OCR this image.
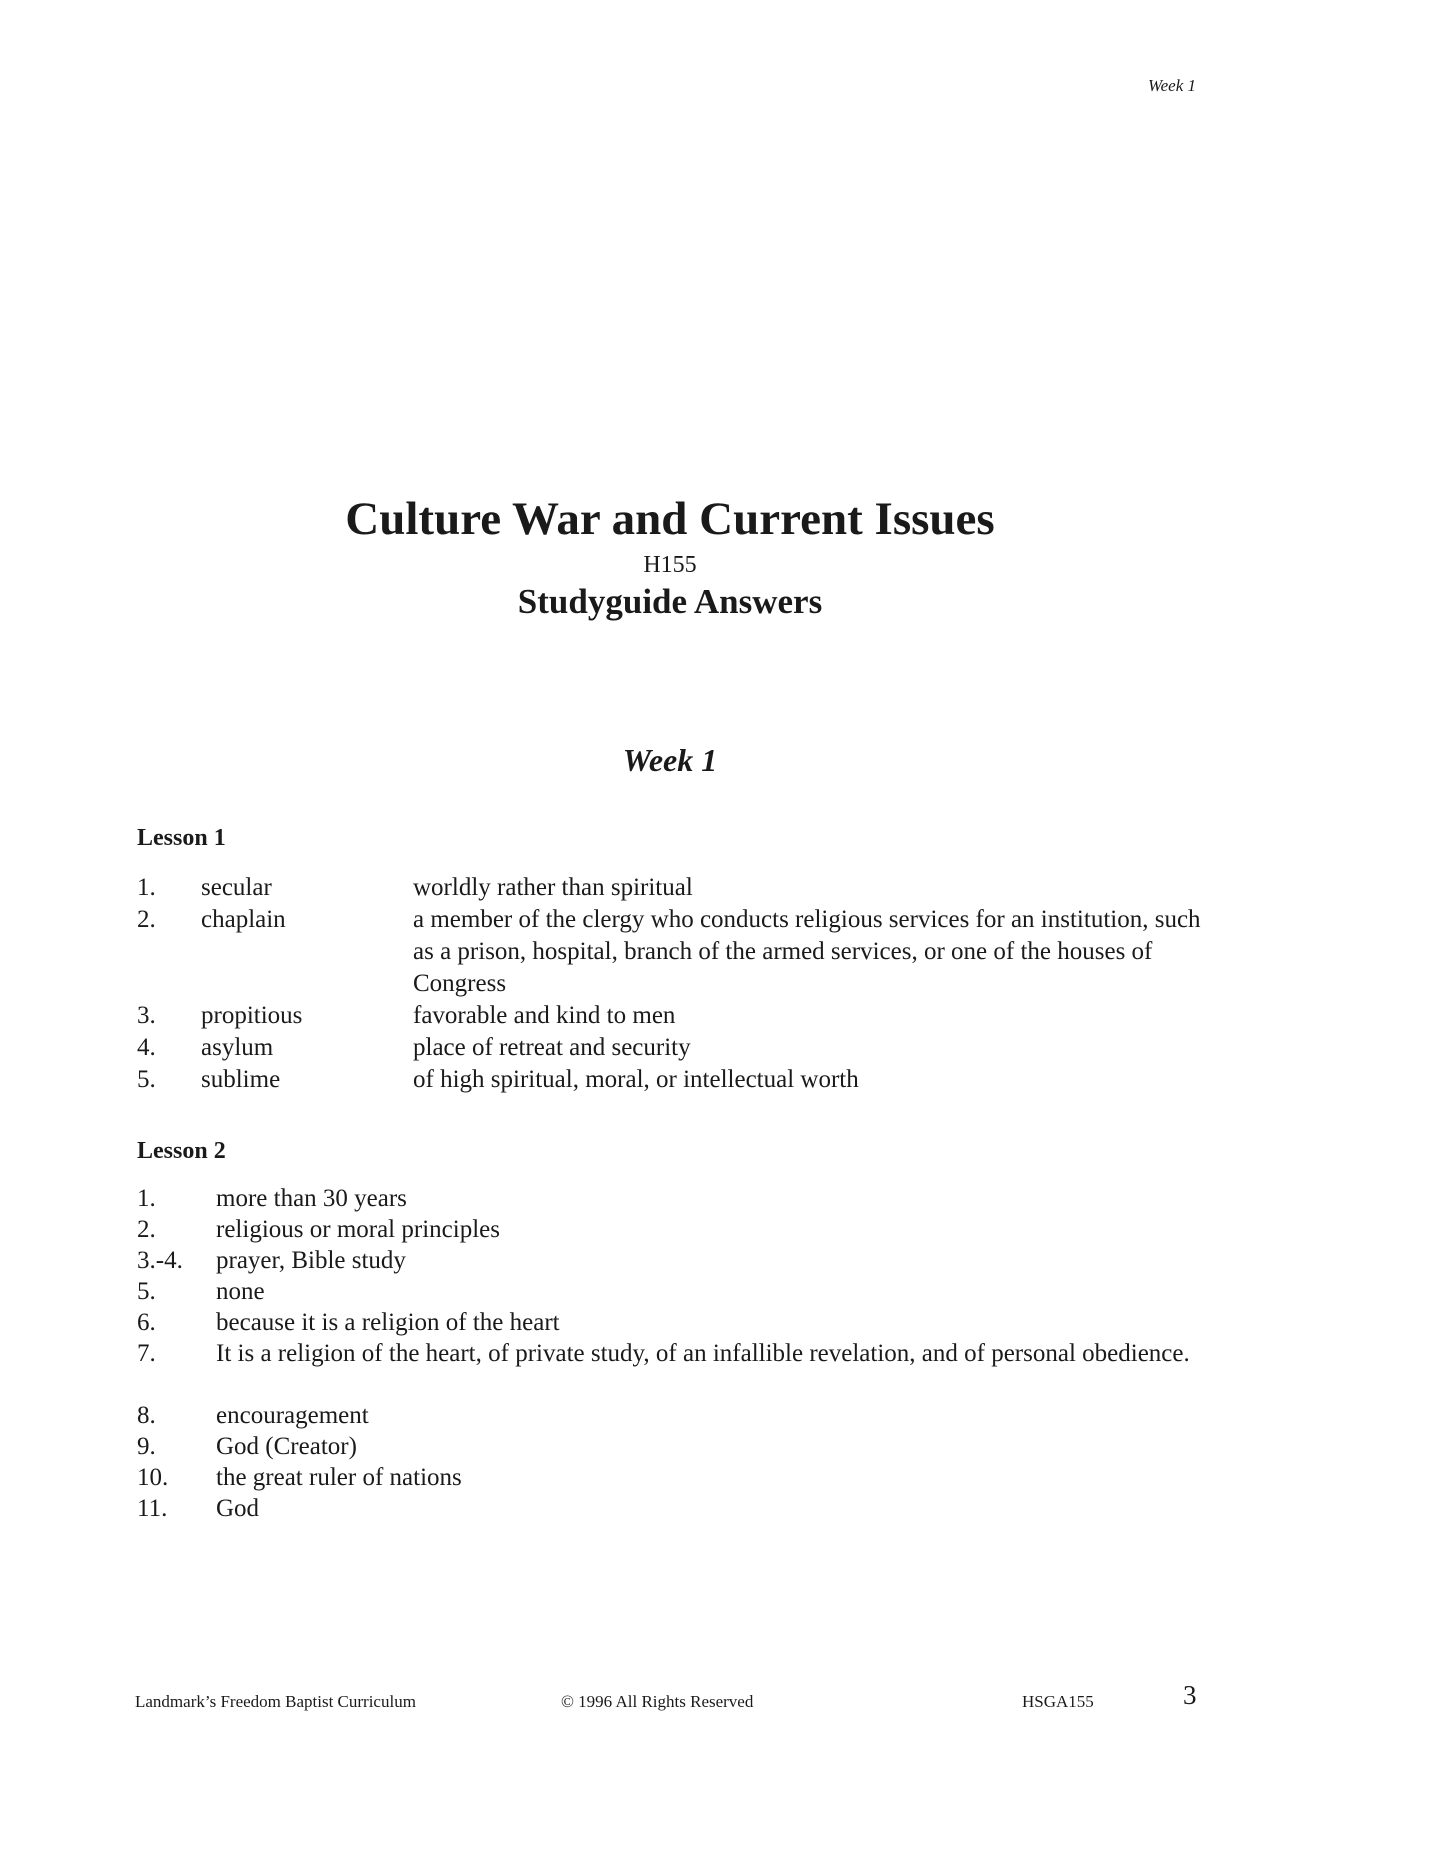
Week 1
Culture War and Current Issues
H155
Studyguide Answers
Week 1
Lesson 1
1. secular	worldly rather than spiritual
2. chaplain	a member of the clergy who conducts religious services for an institution, such as a prison, hospital, branch of the armed services, or one of the houses of Congress
3. propitious	favorable and kind to men
4. asylum	place of retreat and security
5. sublime	of high spiritual, moral, or intellectual worth
Lesson 2
1. more than 30 years
2. religious or moral principles
3.-4. prayer, Bible study
5. none
6. because it is a religion of the heart
7. It is a religion of the heart, of private study, of an infallible revelation, and of personal obedience.
8. encouragement
9. God (Creator)
10. the great ruler of nations
11. God
Landmark’s Freedom Baptist Curriculum	© 1996 All Rights Reserved	HSGA155	3
